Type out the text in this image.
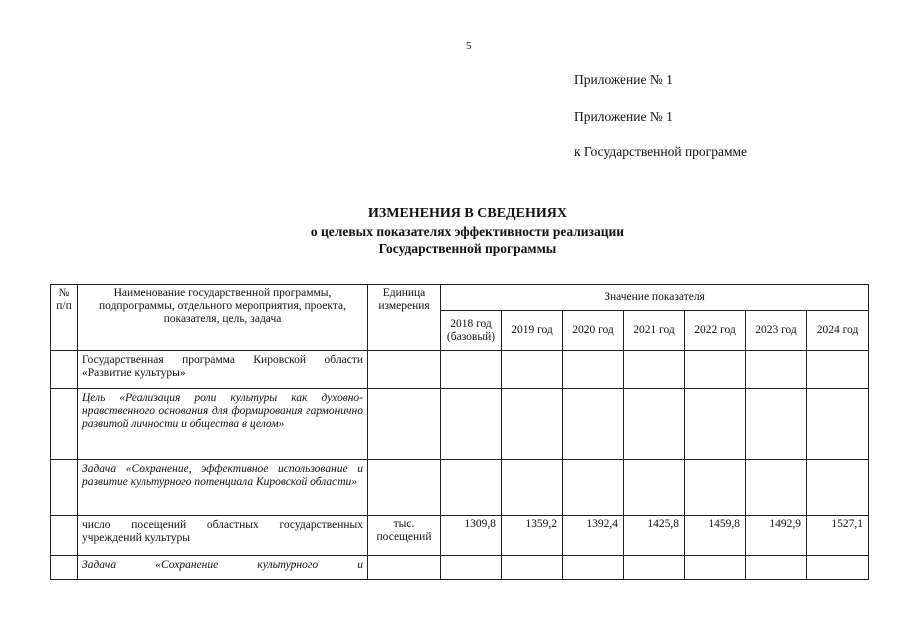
5
Приложение № 1
Приложение № 1
к Государственной программе
ИЗМЕНЕНИЯ В СВЕДЕНИЯХ
о целевых показателях эффективности реализации
Государственной программы
№ п/п	Наименование государственной программы, подпрограммы, отдельного мероприятия, проекта, показателя, цель, задача	Единица измерения	Значение показателя						
			2018 год (базовый)	2019 год	2020 год	2021 год	2022 год	2023 год	2024 год
	Государственная программа Кировской области «Развитие культуры»								
	Цель «Реализация роли культуры как духовно-нравственного основания для формирования гармонично развитой личности и общества в целом»								
	Задача «Сохранение, эффективное использование и развитие культурного потенциала Кировской области»								
	число посещений областных государственных учреждений культуры	тыс. посещений	1309,8	1359,2	1392,4	1425,8	1459,8	1492,9	1527,1
	Задача «Сохранение культурного и								
